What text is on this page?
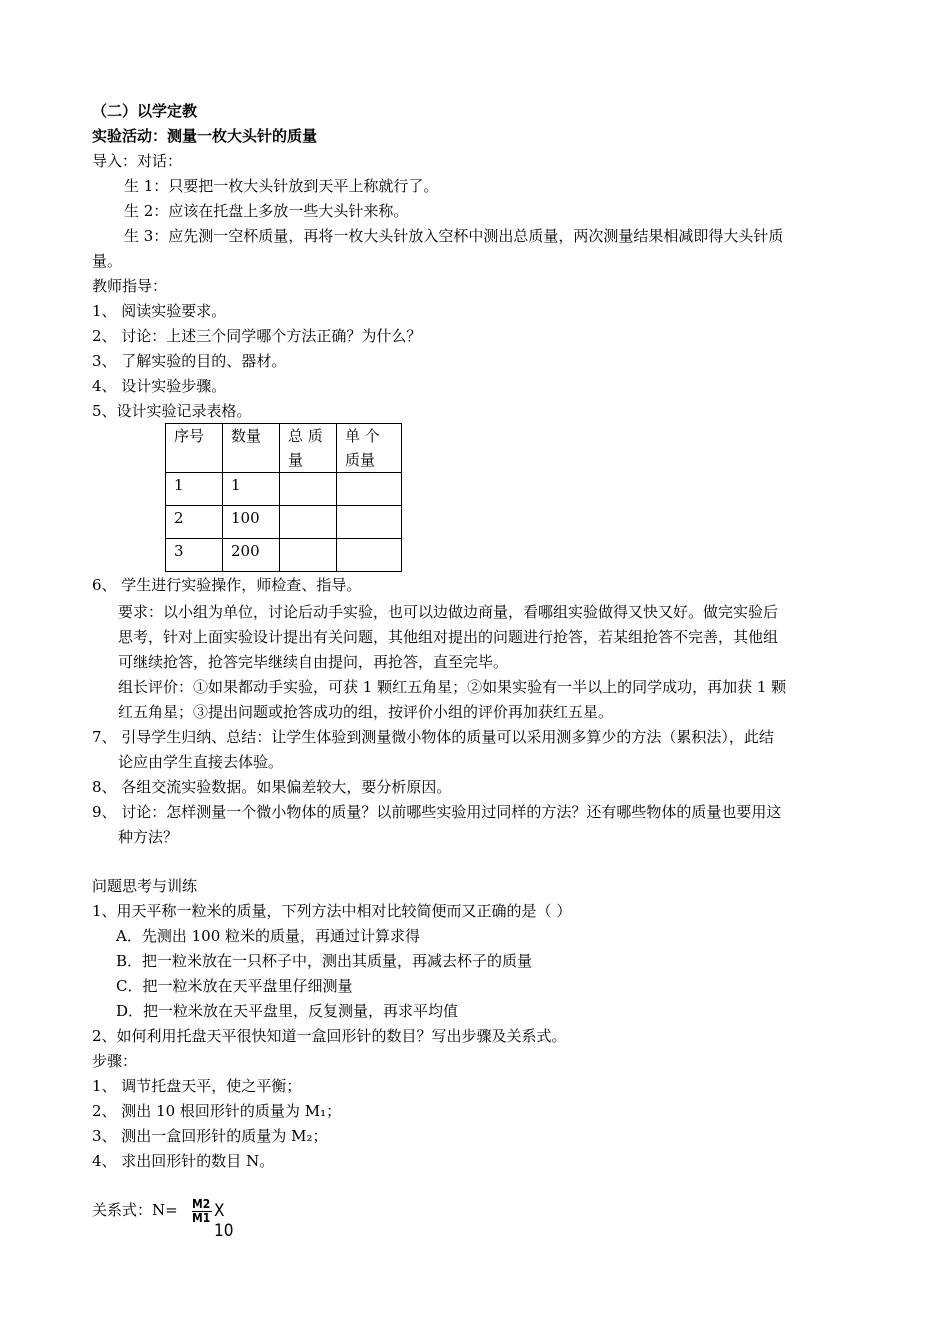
（二）以学定教
实验活动：测量一枚大头针的质量
导入：对话：
生 1：只要把一枚大头针放到天平上称就行了。
生 2：应该在托盘上多放一些大头针来称。
生 3：应先测一空杯质量，再将一枚大头针放入空杯中测出总质量，两次测量结果相减即得大头针质
量。
教师指导：
1、 阅读实验要求。
2、 讨论：上述三个同学哪个方法正确？为什么？
3、 了解实验的目的、器材。
4、 设计实验步骤。
5、设计实验记录表格。
序号	数量	总 质 量	单 个 质量
1	1		
2	100		
3	200		
6、 学生进行实验操作，师检查、指导。
要求：以小组为单位，讨论后动手实验，也可以边做边商量，看哪组实验做得又快又好。做完实验后
思考，针对上面实验设计提出有关问题，其他组对提出的问题进行抢答，若某组抢答不完善，其他组
可继续抢答，抢答完毕继续自由提问，再抢答，直至完毕。
组长评价：①如果都动手实验，可获 1 颗红五角星；②如果实验有一半以上的同学成功，再加获 1 颗
红五角星；③提出问题或抢答成功的组，按评价小组的评价再加获红五星。
7、 引导学生归纳、总结：让学生体验到测量微小物体的质量可以采用测多算少的方法（累积法），此结
论应由学生直接去体验。
8、 各组交流实验数据。如果偏差较大，要分析原因。
9、 讨论：怎样测量一个微小物体的质量？以前哪些实验用过同样的方法？还有哪些物体的质量也要用这
种方法？
问题思考与训练
1、用天平称一粒米的质量，下列方法中相对比较简便而又正确的是（ ）
A．先测出 100 粒米的质量，再通过计算求得
B．把一粒米放在一只杯子中，测出其质量，再减去杯子的质量
C．把一粒米放在天平盘里仔细测量
D．把一粒米放在天平盘里，反复测量，再求平均值
2、如何利用托盘天平很快知道一盒回形针的数目？写出步骤及关系式。
步骤：
1、 调节托盘天平，使之平衡；
2、 测出 10 根回形针的质量为 M₁；
3、 测出一盒回形针的质量为 M₂；
4、 求出回形针的数目 N。
关系式：N= M2
M1 X 10
